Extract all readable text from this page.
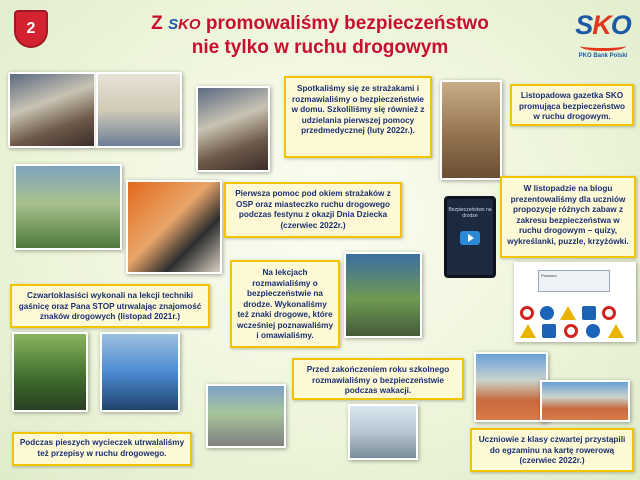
2	Z SKO promowaliśmy bezpieczeństwo
nie tylko w ruchu drogowym
SKO
PKO Bank Polski
Spotkaliśmy się ze strażakami i rozmawialiśmy o bezpieczeństwie w domu. Szkoliliśmy się również z udzielania pierwszej pomocy przedmedycznej (luty 2022r.).
Listopadowa gazetka SKO promująca bezpieczeństwo w ruchu drogowym.
Pierwsza pomoc pod okiem strażaków z OSP oraz miasteczko ruchu drogowego podczas festynu z okazji Dnia Dziecka (czerwiec 2022r.)
Bezpieczeństwo na drodze
W listopadzie na blogu prezentowaliśmy dla uczniów propozycje różnych zabaw z zakresu bezpieczeństwa w ruchu drogowym – quizy, wykreślanki, puzzle, krzyżówki.
Poziomo
Na lekcjach rozmawialiśmy o bezpieczeństwie na drodze. Wykonaliśmy też znaki drogowe, które wcześniej poznawaliśmy i omawialiśmy.
Czwartoklasiści wykonali na lekcji techniki gaśnicę oraz Pana STOP utrwalając znajomość znaków drogowych (listopad 2021r.)
Przed zakończeniem roku szkolnego rozmawialiśmy o bezpieczeństwie podczas wakacji.
Podczas pieszych wycieczek utrwalaliśmy też przepisy w ruchu drogowego.
Uczniowie z klasy czwartej przystąpili do egzaminu na kartę rowerową (czerwiec 2022r.)
